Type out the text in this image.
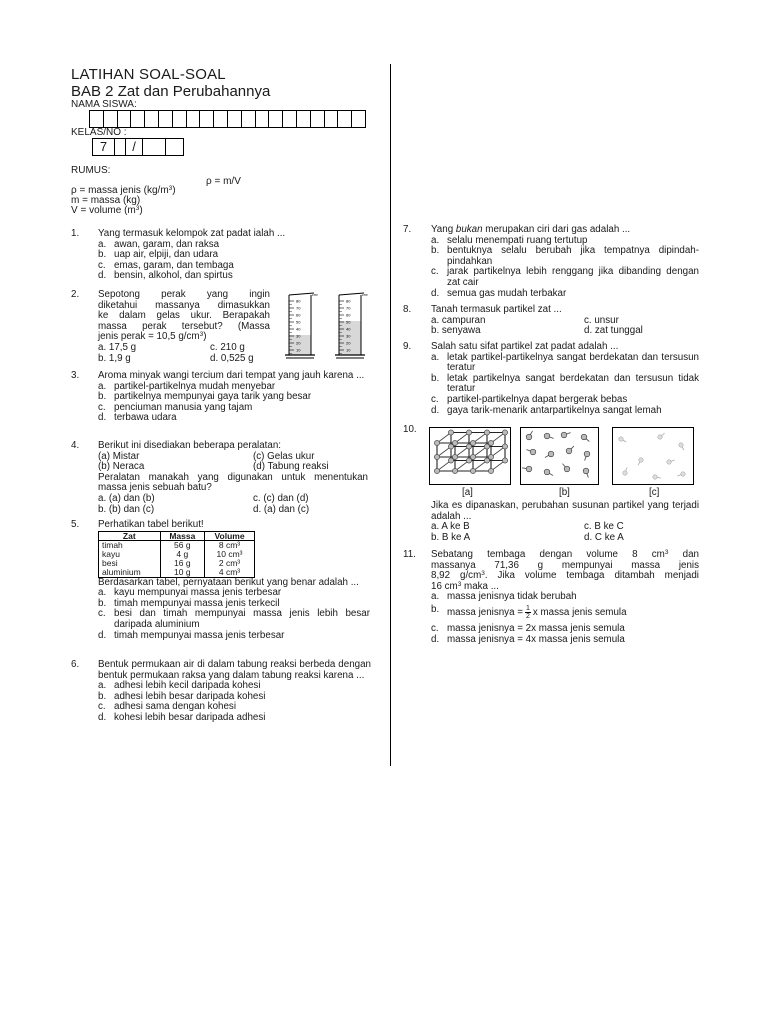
LATIHAN SOAL-SOAL
BAB 2 Zat dan Perubahannya
NAMA SISWA:
KELAS/NO :
7	/
RUMUS:
ρ = m/V
ρ = massa jenis $(kg/m^3)$
m = massa (kg)
V = volume $(m^3)$
1. Yang termasuk kelompok zat padat ialah ...
a. awan, garam, dan raksa
b. uap air, elpiji, dan udara
c. emas, garam, dan tembaga
d. bensin, alkohol, dan spirtus
2. Sepotong perak yang ingin
diketahui massanya dimasukkan
ke dalam gelas ukur. Berapakah
massa perak tersebut? (Massa
jenis perak = 10,5 $g/cm^3$)
a. 17,5 g	c. 210 g
b. 1,9 g	d. 0,525 g
cm³
80
70
60
50
40
30
20
10
cm³
80
70
60
50
40
30
20
10
3. Aroma minyak wangi tercium dari tempat yang jauh karena ...
a. partikel-partikelnya mudah menyebar
b. partikelnya mempunyai gaya tarik yang besar
c. penciuman manusia yang tajam
d. terbawa udara
4. Berikut ini disediakan beberapa peralatan:
(a) Mistar	(c) Gelas ukur
(b) Neraca	(d) Tabung reaksi
Peralatan manakah yang digunakan untuk menentukan massa jenis sebuah batu?
a. (a) dan (b)	c. (c) dan (d)
b. (b) dan (c)	d. (a) dan (c)
5. Perhatikan tabel berikut!
Zat	Massa	Volume
timah	56 g	8 cm³
kayu	4 g	10 cm³
besi	16 g	2 cm³
aluminium	10 g	4 cm³
Berdasarkan tabel, pernyataan berikut yang benar adalah ...
a. kayu mempunyai massa jenis terbesar
b. timah mempunyai massa jenis terkecil
c. besi dan timah mempunyai massa jenis lebih besar daripada aluminium
d. timah mempunyai massa jenis terbesar
6. Bentuk permukaan air di dalam tabung reaksi berbeda dengan bentuk permukaan raksa yang dalam tabung reaksi karena ...
a. adhesi lebih kecil daripada kohesi
b. adhesi lebih besar daripada kohesi
c. adhesi sama dengan kohesi
d. kohesi lebih besar daripada adhesi
7. Yang bukan merupakan ciri dari gas adalah ...
a. selalu menempati ruang tertutup
b. bentuknya selalu berubah jika tempatnya dipindah-pindahkan
c. jarak partikelnya lebih renggang jika dibanding dengan zat cair
d. semua gas mudah terbakar
8. Tanah termasuk partikel zat ...
a. campuran	c. unsur
b. senyawa	d. zat tunggal
9. Salah satu sifat partikel zat padat adalah ...
a. letak partikel-partikelnya sangat berdekatan dan tersusun teratur
b. letak partikelnya sangat berdekatan dan tersusun tidak teratur
c. partikel-partikelnya dapat bergerak bebas
d. gaya tarik-menarik antarpartikelnya sangat lemah
10.
[a]	[b]	[c]
Jika es dipanaskan, perubahan susunan partikel yang terjadi adalah ...
a. A ke B	c. B ke C
b. B ke A	d. C ke A
11. Sebatang tembaga dengan volume 8 $cm^3$ dan
massanya 71,36 g mempunyai massa jenis
8,92 $g/cm^3$. Jika volume tembaga ditambah menjadi
16 $cm^3$ maka ...
a. massa jenisnya tidak berubah
b. massa jenisnya = $\frac{1}{2}$ x massa jenis semula
c. massa jenisnya = 2x massa jenis semula
d. massa jenisnya = 4x massa jenis semula
